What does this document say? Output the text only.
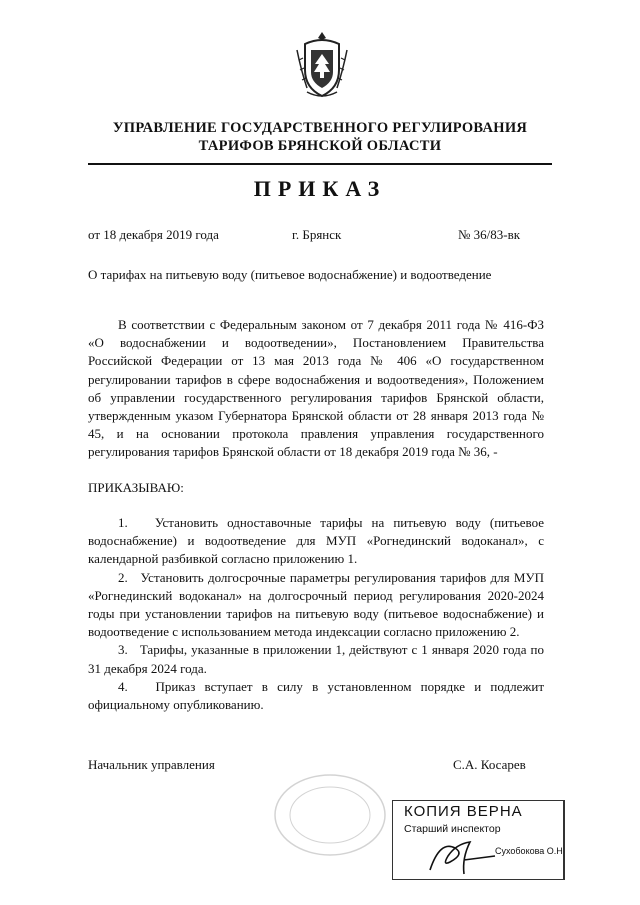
УПРАВЛЕНИЕ ГОСУДАРСТВЕННОГО РЕГУЛИРОВАНИЯ
ТАРИФОВ БРЯНСКОЙ ОБЛАСТИ
ПРИКАЗ
от 18 декабря 2019 года	г. Брянск	№ 36/83-вк
О тарифах на питьевую воду (питьевое водоснабжение) и водоотведение
В соответствии с Федеральным законом от 7 декабря 2011 года № 416-ФЗ «О водоснабжении и водоотведении», Постановлением Правительства Российской Федерации от 13 мая 2013 года № 406 «О государственном регулировании тарифов в сфере водоснабжения и водоотведения», Положением об управлении государственного регулирования тарифов Брянской области, утвержденным указом Губернатора Брянской области от 28 января 2013 года № 45, и на основании протокола правления управления государственного регулирования тарифов Брянской области от 18 декабря 2019 года № 36, -
ПРИКАЗЫВАЮ:
1. Установить одноставочные тарифы на питьевую воду (питьевое водоснабжение) и водоотведение для МУП «Рогнединский водоканал», с календарной разбивкой согласно приложению 1.
2. Установить долгосрочные параметры регулирования тарифов для МУП «Рогнединский водоканал» на долгосрочный период регулирования 2020-2024 годы при установлении тарифов на питьевую воду (питьевое водоснабжение) и водоотведение с использованием метода индексации согласно приложению 2.
3. Тарифы, указанные в приложении 1, действуют с 1 января 2020 года по 31 декабря 2024 года.
4. Приказ вступает в силу в установленном порядке и подлежит официальному опубликованию.
Начальник управления	С.А. Косарев
КОПИЯ ВЕРНА
Старший инспектор
Сухобокова О.Н
